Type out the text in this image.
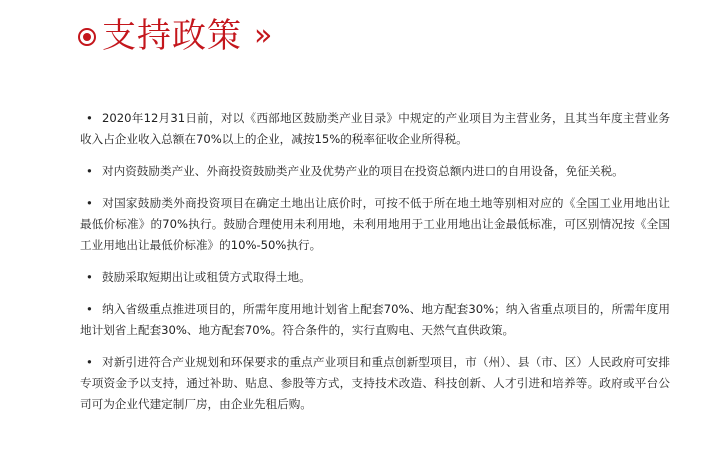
支持政策 »
• 2020年12月31日前，对以《西部地区鼓励类产业目录》中规定的产业项目为主营业务，且其当年度主营业务收入占企业收入总额在70%以上的企业，减按15%的税率征收企业所得税。
• 对内资鼓励类产业、外商投资鼓励类产业及优势产业的项目在投资总额内进口的自用设备，免征关税。
• 对国家鼓励类外商投资项目在确定土地出让底价时，可按不低于所在地土地等别相对应的《全国工业用地出让最低价标准》的70%执行。鼓励合理使用未利用地，未利用地用于工业用地出让金最低标准，可区别情况按《全国工业用地出让最低价标准》的10%-50%执行。
• 鼓励采取短期出让或租赁方式取得土地。
• 纳入省级重点推进项目的，所需年度用地计划省上配套70%、地方配套30%；纳入省重点项目的，所需年度用地计划省上配套30%、地方配套70%。符合条件的，实行直购电、天然气直供政策。
• 对新引进符合产业规划和环保要求的重点产业项目和重点创新型项目，市（州）、县（市、区）人民政府可安排专项资金予以支持，通过补助、贴息、参股等方式，支持技术改造、科技创新、人才引进和培养等。政府或平台公司可为企业代建定制厂房，由企业先租后购。
